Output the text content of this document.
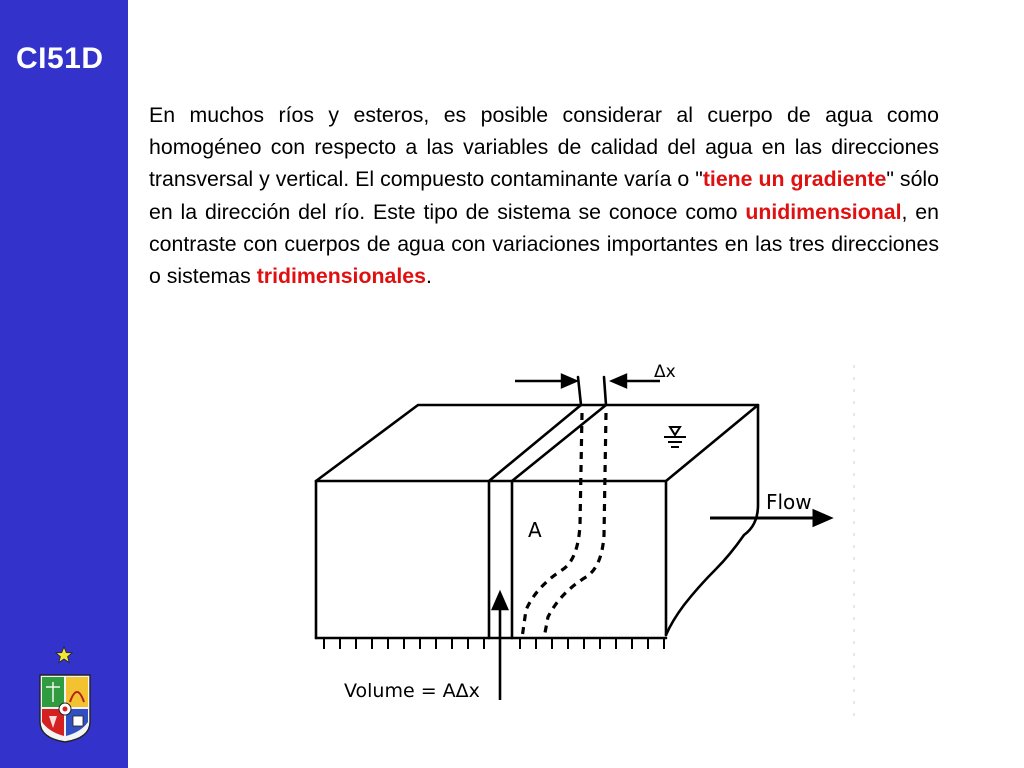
CI51D

En muchos ríos y esteros, es posible considerar al cuerpo de agua como homogéneo con respecto a las variables de calidad del agua en las direcciones transversal y vertical. El compuesto contaminante varía o "tiene un gradiente" sólo en la dirección del río. Este tipo de sistema se conoce como unidimensional, en contraste con cuerpos de agua con variaciones importantes en las tres direcciones o sistemas tridimensionales.

Δx
A
Flow
Volume = AΔx
